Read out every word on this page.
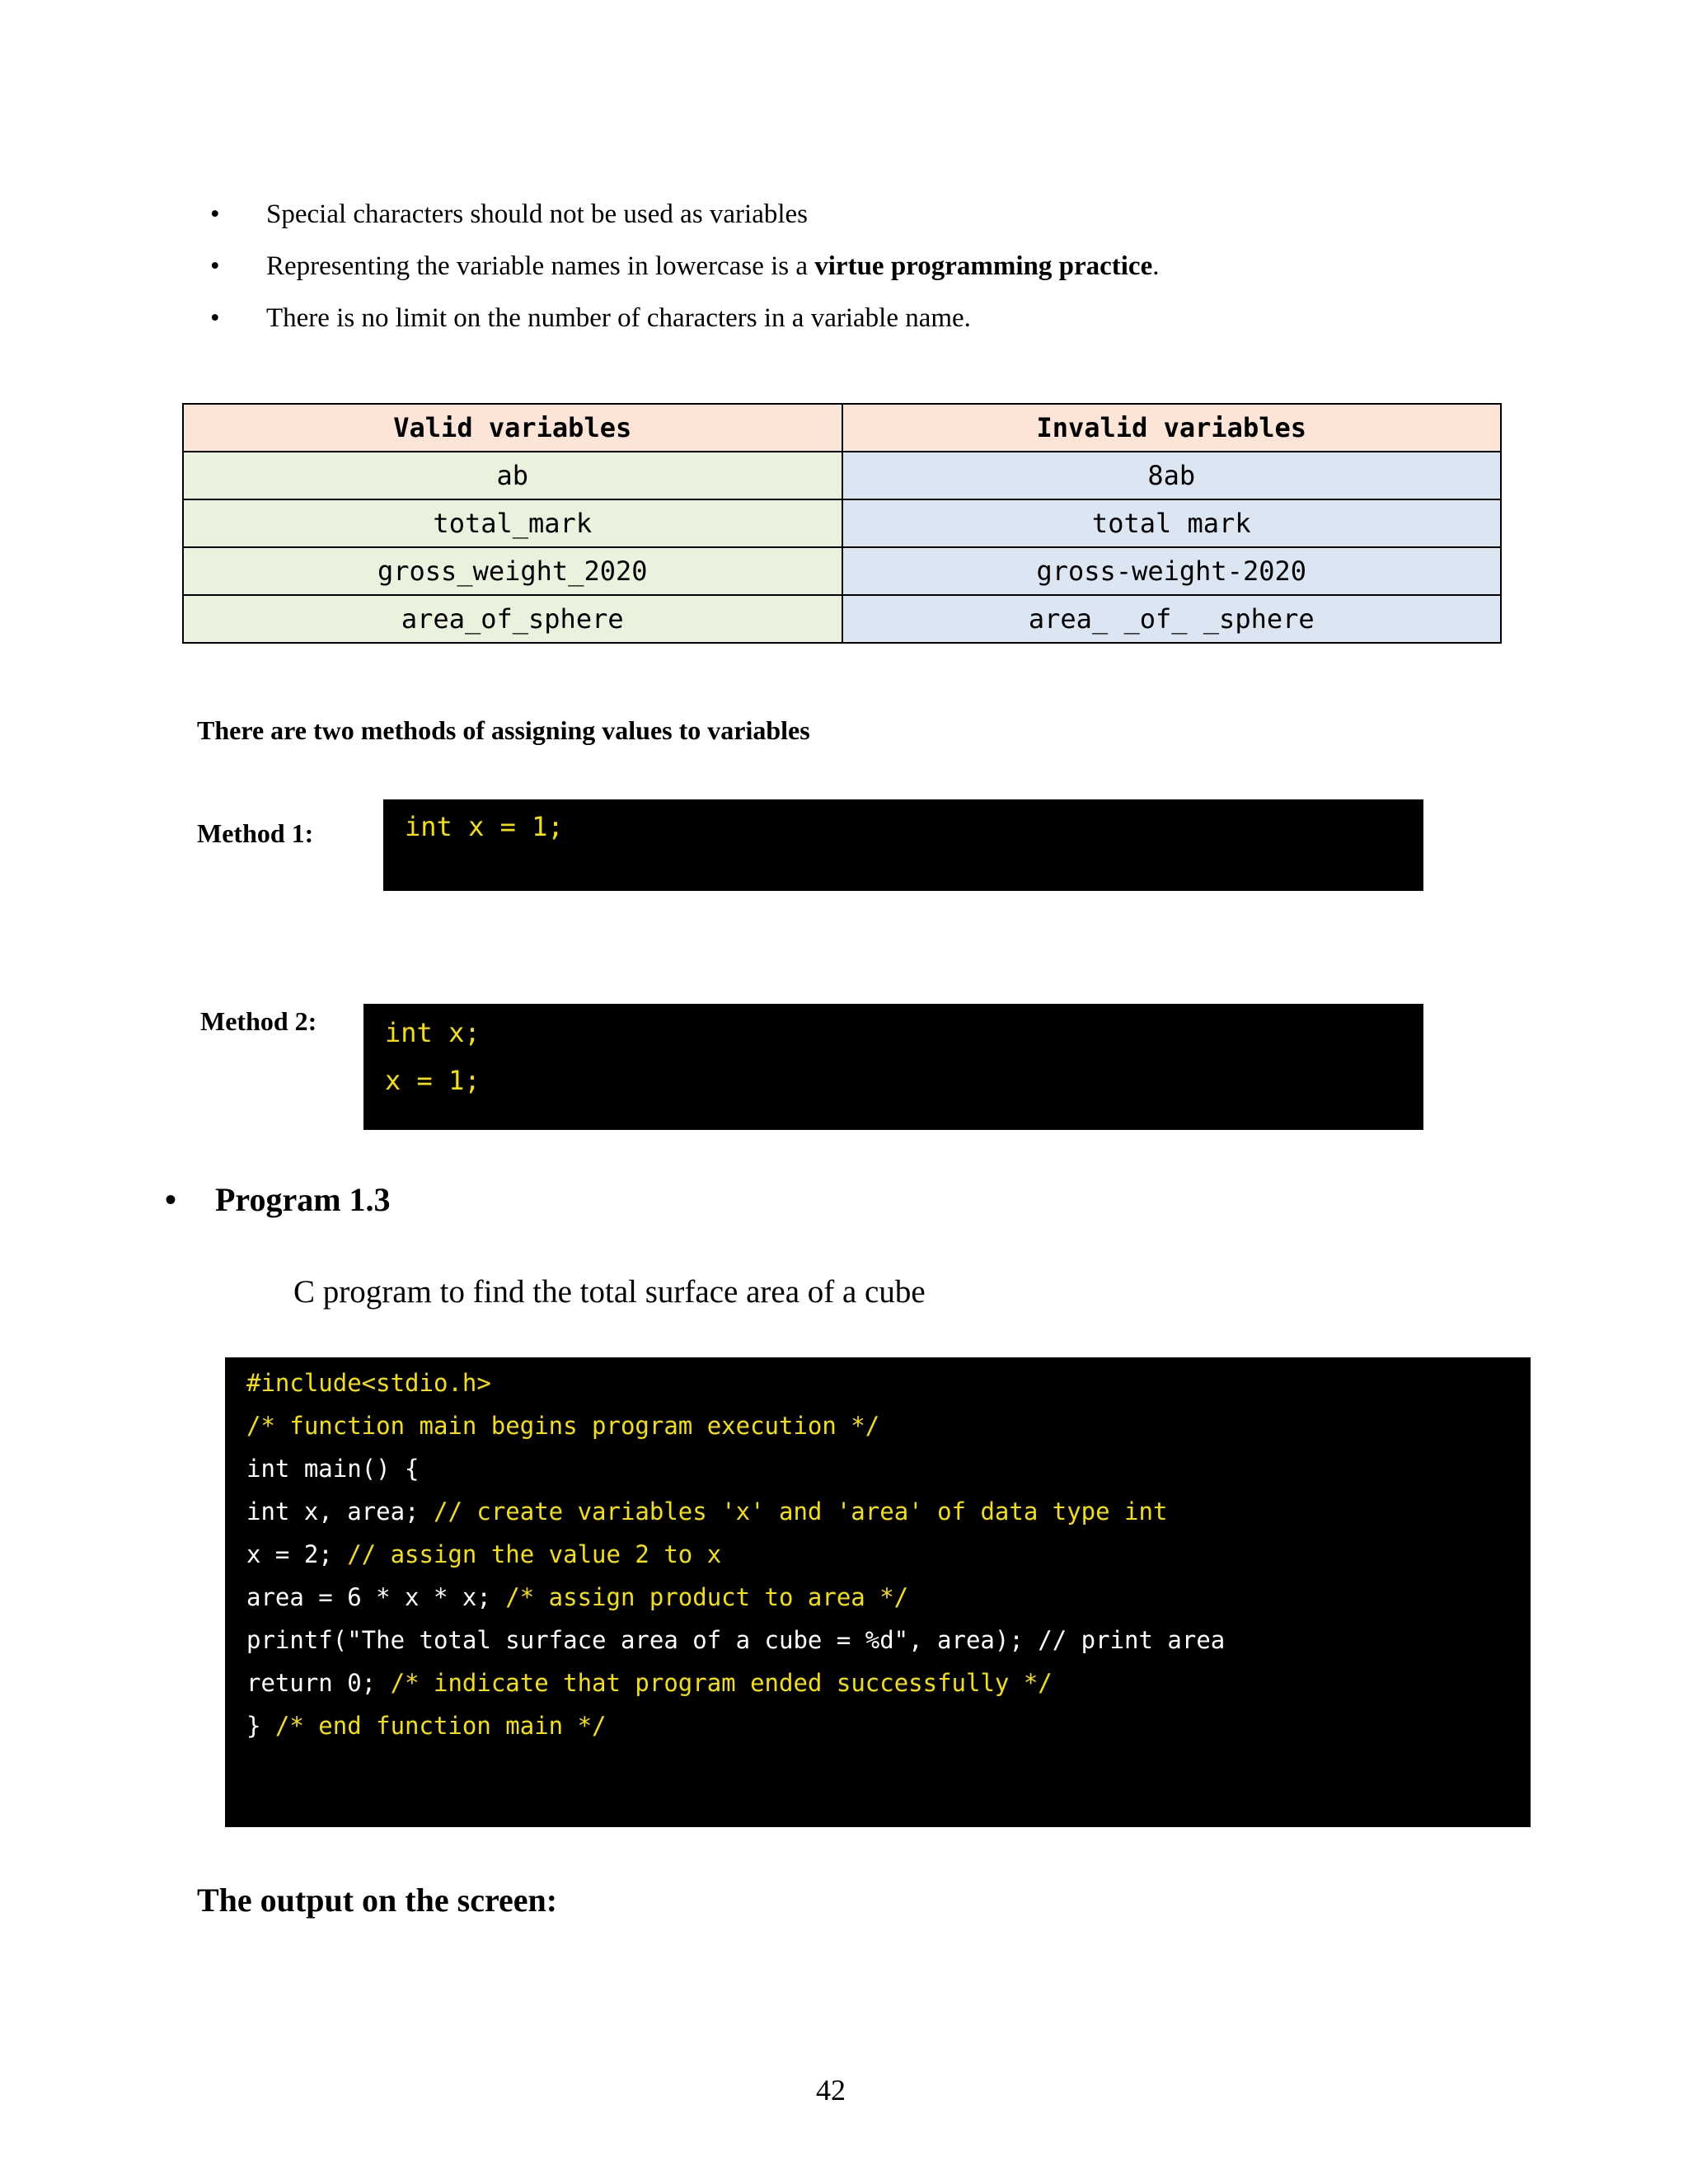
• Special characters should not be used as variables
• Representing the variable names in lowercase is a virtue programming practice.
• There is no limit on the number of characters in a variable name.
Valid variables	Invalid variables
ab	8ab
total_mark	total mark
gross_weight_2020	gross-weight-2020
area_of_sphere	area_ _of_ _sphere
There are two methods of assigning values to variables
Method 1:	int x = 1;
Method 2:	int x;
x = 1;
• Program 1.3
C program to find the total surface area of a cube
#include<stdio.h>
/* function main begins program execution */
int main() {
int x, area; // create variables 'x' and 'area' of data type int
x = 2; // assign the value 2 to x
area = 6 * x * x; /* assign product to area */
printf("The total surface area of a cube = %d", area); // print area
return 0; /* indicate that program ended successfully */
} /* end function main */
The output on the screen:
42
